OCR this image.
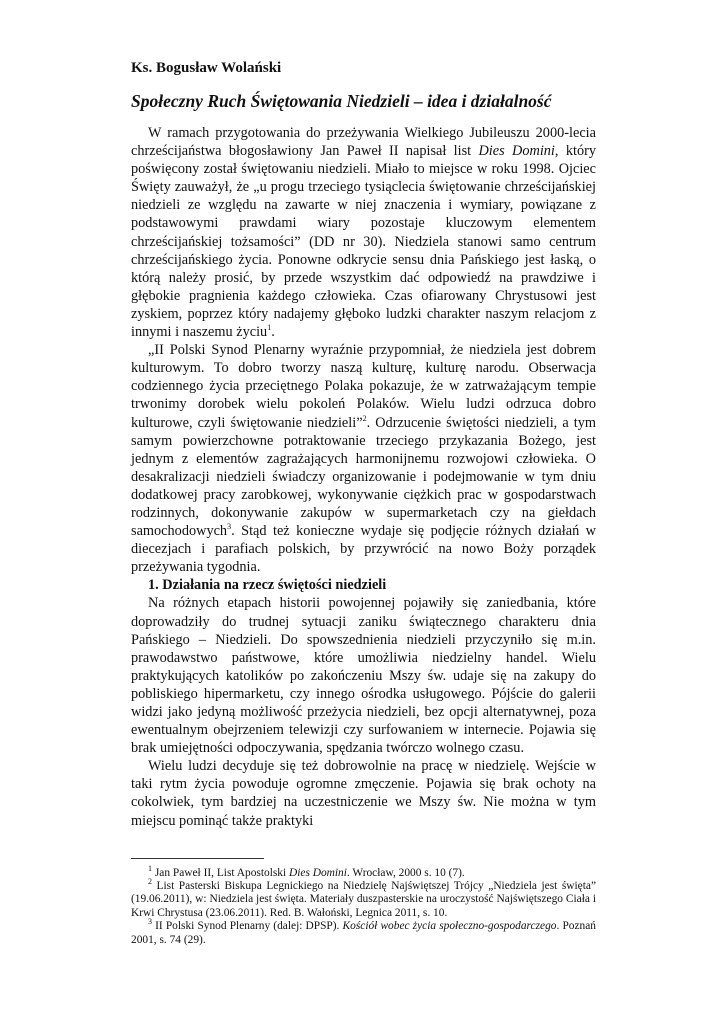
Ks. Bogusław Wolański
Społeczny Ruch Świętowania Niedzieli – idea i działalność

W ramach przygotowania do przeżywania Wielkiego Jubileuszu 2000-lecia chrześcijaństwa błogosławiony Jan Paweł II napisał list Dies Domini, który poświęcony został świętowaniu niedzieli. Miało to miejsce w roku 1998. Ojciec Święty zauważył, że „u progu trzeciego tysiąclecia świętowanie chrześcijańskiej niedzieli ze względu na zawarte w niej znaczenia i wymiary, powiązane z podstawowymi prawdami wiary pozostaje kluczowym elementem chrześcijańskiej tożsamości” (DD nr 30). Niedziela stanowi samo centrum chrześcijańskiego życia. Ponowne odkrycie sensu dnia Pańskiego jest łaską, o którą należy prosić, by przede wszystkim dać odpowiedź na prawdziwe i głębokie pragnienia każdego człowieka. Czas ofiarowany Chrystusowi jest zyskiem, poprzez który nadajemy głęboko ludzki charakter naszym relacjom z innymi i naszemu życiu$^1$.

„II Polski Synod Plenarny wyraźnie przypomniał, że niedziela jest dobrem kulturowym. To dobro tworzy naszą kulturę, kulturę narodu. Obserwacja codziennego życia przeciętnego Polaka pokazuje, że w zatrważającym tempie trwonimy dorobek wielu pokoleń Polaków. Wielu ludzi odrzuca dobro kulturowe, czyli świętowanie niedzieli”$^2$. Odrzucenie świętości niedzieli, a tym samym powierzchowne potraktowanie trzeciego przykazania Bożego, jest jednym z elementów zagrażających harmonijnemu rozwojowi człowieka. O desakralizacji niedzieli świadczy organizowanie i podejmowanie w tym dniu dodatkowej pracy zarobkowej, wykonywanie ciężkich prac w gospodarstwach rodzinnych, dokonywanie zakupów w supermarketach czy na giełdach samochodowych$^3$. Stąd też konieczne wydaje się podjęcie różnych działań w diecezjach i parafiach polskich, by przywrócić na nowo Boży porządek przeżywania tygodnia.

1. Działania na rzecz świętości niedzieli

Na różnych etapach historii powojennej pojawiły się zaniedbania, które doprowadziły do trudnej sytuacji zaniku świątecznego charakteru dnia Pańskiego – Niedzieli. Do spowszednienia niedzieli przyczyniło się m.in. prawodawstwo państwowe, które umożliwia niedzielny handel. Wielu praktykujących katolików po zakończeniu Mszy św. udaje się na zakupy do pobliskiego hipermarketu, czy innego ośrodka usługowego. Pójście do galerii widzi jako jedyną możliwość przeżycia niedzieli, bez opcji alternatywnej, poza ewentualnym obejrzeniem telewizji czy surfowaniem w internecie. Pojawia się brak umiejętności odpoczywania, spędzania twórczo wolnego czasu.

Wielu ludzi decyduje się też dobrowolnie na pracę w niedzielę. Wejście w taki rytm życia powoduje ogromne zmęczenie. Pojawia się brak ochoty na cokolwiek, tym bardziej na uczestniczenie we Mszy św. Nie można w tym miejscu pominąć także praktyki

$^1$ Jan Paweł II, List Apostolski Dies Domini. Wrocław, 2000 s. 10 (7).

$^2$ List Pasterski Biskupa Legnickiego na Niedzielę Najświętszej Trójcy „Niedziela jest święta” (19.06.2011), w: Niedziela jest święta. Materiały duszpasterskie na uroczystość Najświętszego Ciała i Krwi Chrystusa (23.06.2011). Red. B. Wałoński, Legnica 2011, s. 10.

$^3$ II Polski Synod Plenarny (dalej: DPSP). Kościół wobec życia społeczno-gospodarczego. Poznań 2001, s. 74 (29).
